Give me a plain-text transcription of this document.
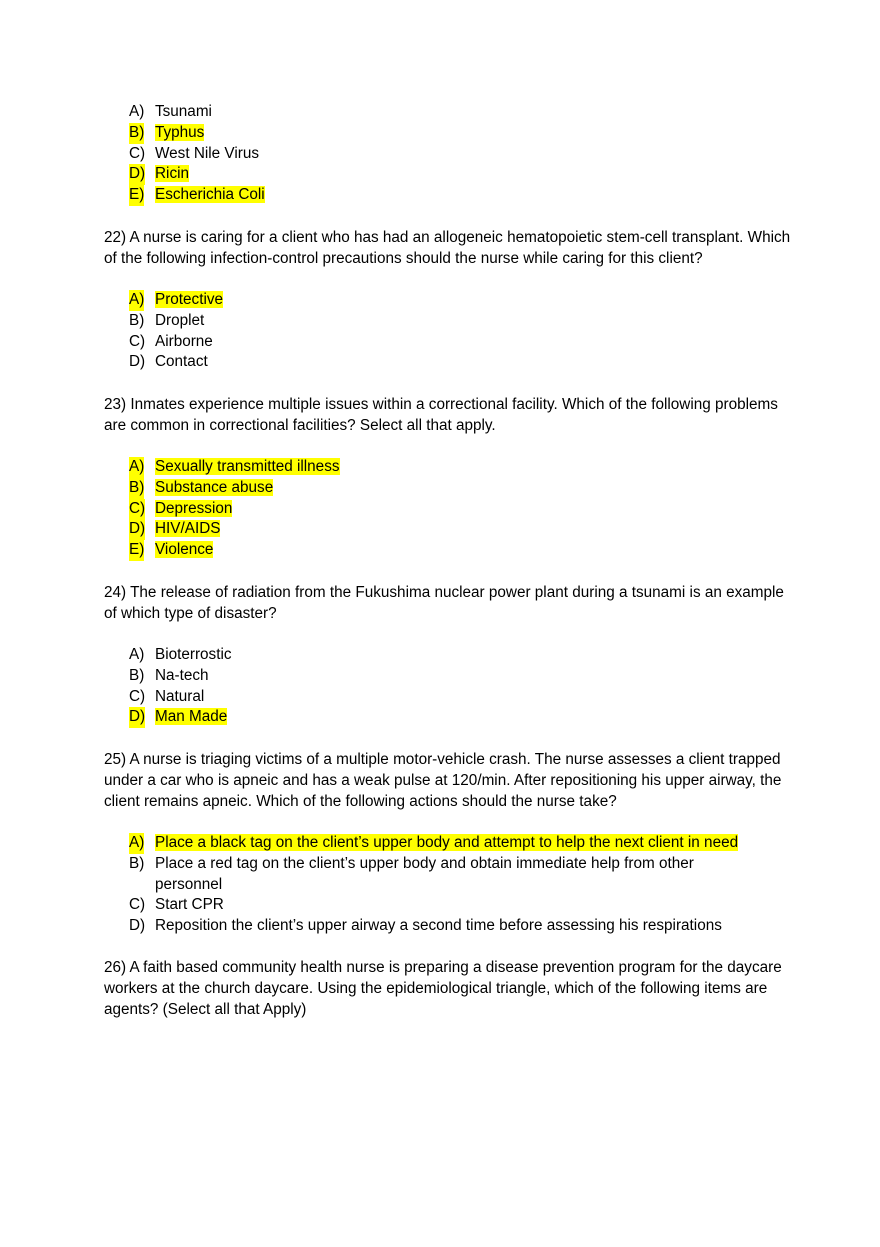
A) Tsunami
B) Typhus
C) West Nile Virus
D) Ricin
E) Escherichia Coli

22) A nurse is caring for a client who has had an allogeneic hematopoietic stem-cell transplant. Which of the following infection-control precautions should the nurse while caring for this client?

A) Protective
B) Droplet
C) Airborne
D) Contact

23) Inmates experience multiple issues within a correctional facility. Which of the following problems are common in correctional facilities? Select all that apply.

A) Sexually transmitted illness
B) Substance abuse
C) Depression
D) HIV/AIDS
E) Violence

24) The release of radiation from the Fukushima nuclear power plant during a tsunami is an example of which type of disaster?

A) Bioterrostic
B) Na-tech
C) Natural
D) Man Made

25) A nurse is triaging victims of a multiple motor-vehicle crash. The nurse assesses a client trapped under a car who is apneic and has a weak pulse at 120/min. After repositioning his upper airway, the client remains apneic. Which of the following actions should the nurse take?

A) Place a black tag on the client’s upper body and attempt to help the next client in need
B) Place a red tag on the client’s upper body and obtain immediate help from other personnel
C) Start CPR
D) Reposition the client’s upper airway a second time before assessing his respirations

26) A faith based community health nurse is preparing a disease prevention program for the daycare workers at the church daycare. Using the epidemiological triangle, which of the following items are agents? (Select all that Apply)
